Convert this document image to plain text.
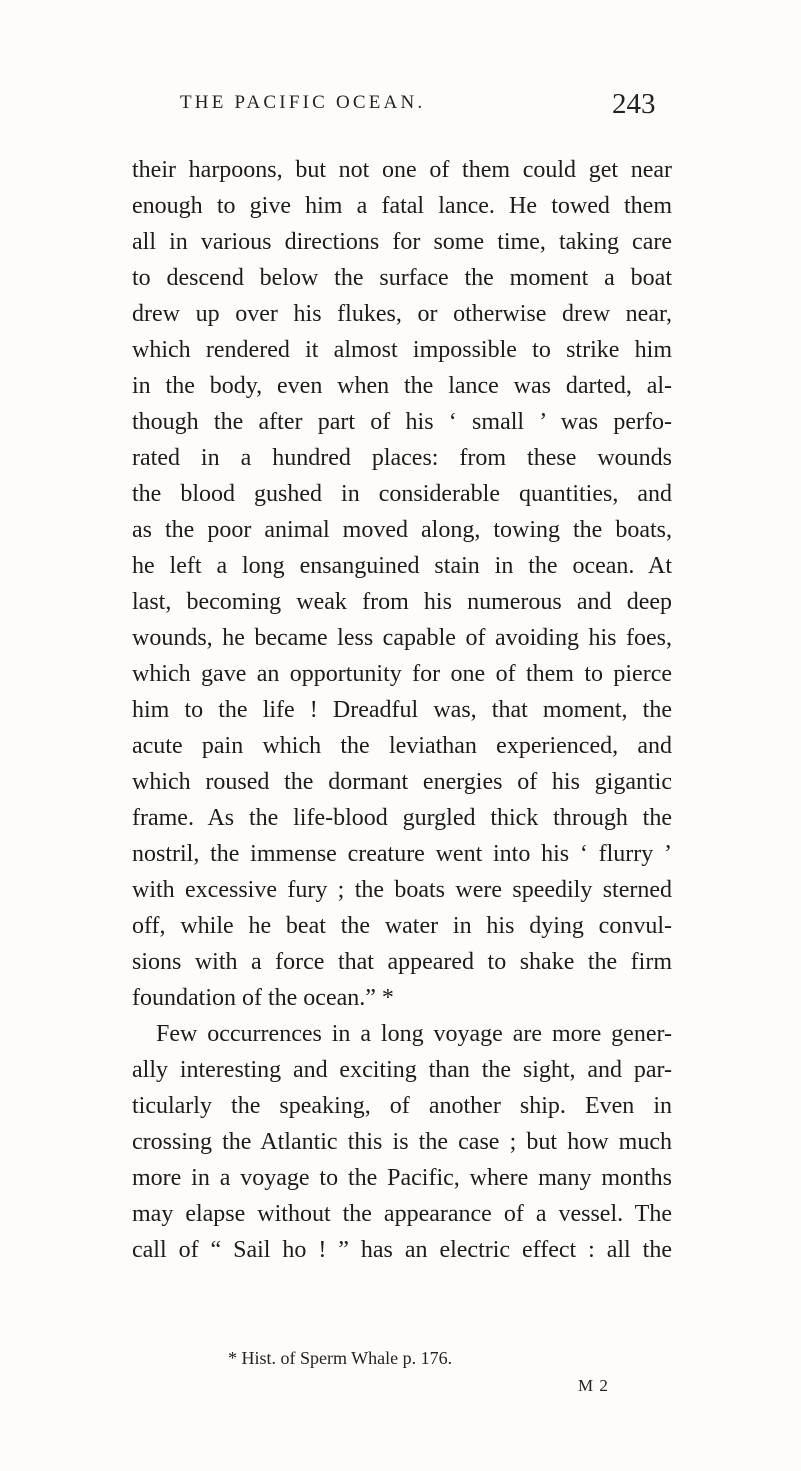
THE PACIFIC OCEAN.	243
their harpoons, but not one of them could get near
enough to give him a fatal lance. He towed them
all in various directions for some time, taking care
to descend below the surface the moment a boat
drew up over his flukes, or otherwise drew near,
which rendered it almost impossible to strike him
in the body, even when the lance was darted, al-
though the after part of his ‘ small ’ was perfo-
rated in a hundred places: from these wounds
the blood gushed in considerable quantities, and
as the poor animal moved along, towing the boats,
he left a long ensanguined stain in the ocean. At
last, becoming weak from his numerous and deep
wounds, he became less capable of avoiding his foes,
which gave an opportunity for one of them to pierce
him to the life ! Dreadful was, that moment, the
acute pain which the leviathan experienced, and
which roused the dormant energies of his gigantic
frame. As the life-blood gurgled thick through the
nostril, the immense creature went into his ‘ flurry ’
with excessive fury ; the boats were speedily sterned
off, while he beat the water in his dying convul-
sions with a force that appeared to shake the firm
foundation of the ocean.” *
Few occurrences in a long voyage are more gener-
ally interesting and exciting than the sight, and par-
ticularly the speaking, of another ship. Even in
crossing the Atlantic this is the case ; but how much
more in a voyage to the Pacific, where many months
may elapse without the appearance of a vessel. The
call of “ Sail ho ! ” has an electric effect : all the
* Hist. of Sperm Whale p. 176.
M 2
